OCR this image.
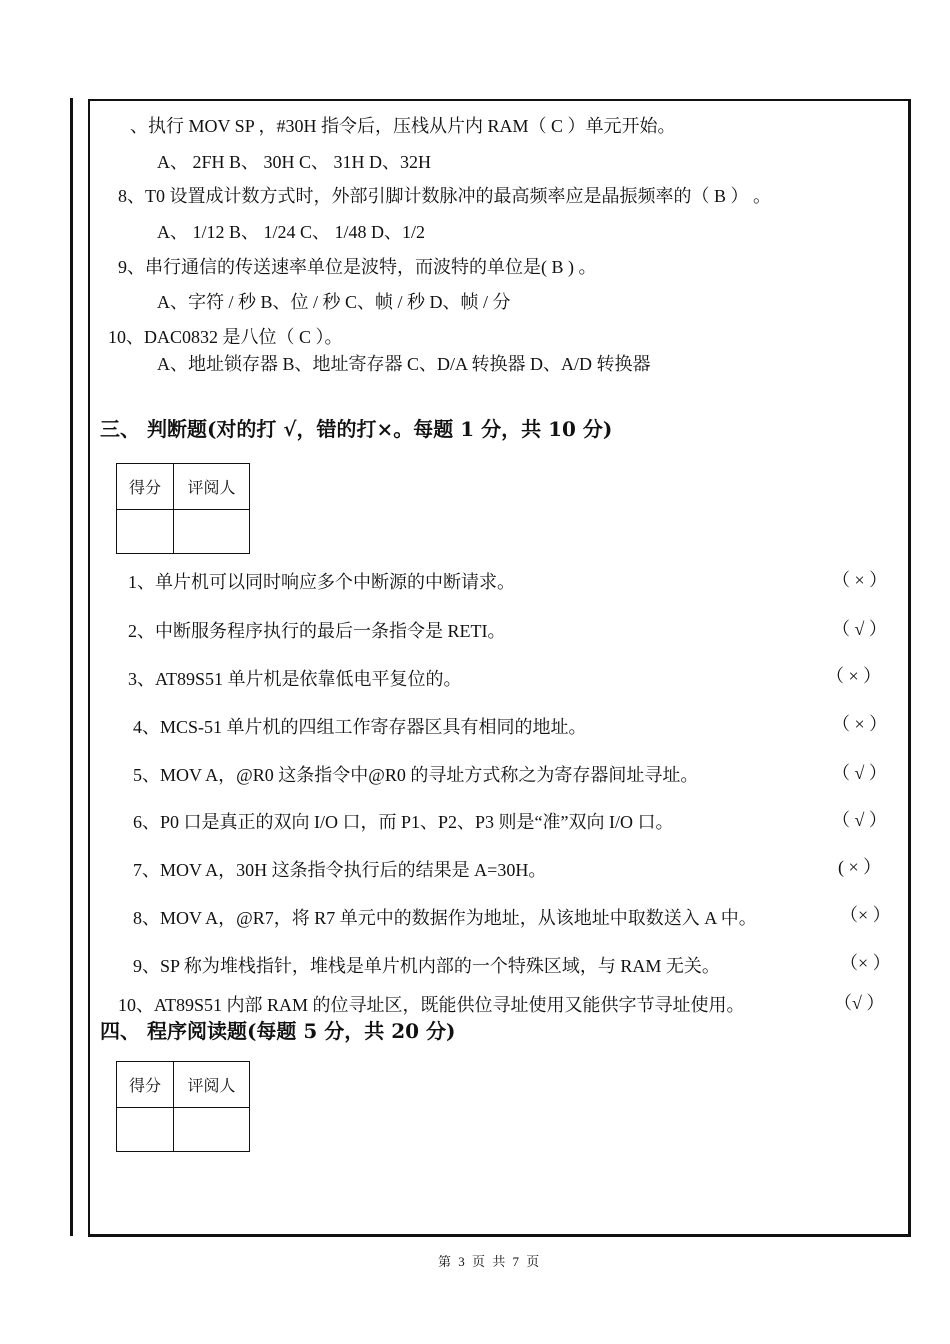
、执行 MOV SP ，#30H 指令后，压栈从片内 RAM（ C ）单元开始。
A、 2FH B、 30H C、 31H D、32H
8、T0 设置成计数方式时，外部引脚计数脉冲的最高频率应是晶振频率的（ B ） 。
A、 1/12 B、 1/24 C、 1/48 D、1/2
9、串行通信的传送速率单位是波特，而波特的单位是( B ) 。
A、字符 / 秒 B、位 / 秒 C、帧 / 秒 D、帧 / 分
10、DAC0832 是八位（ C ）。
A、地址锁存器 B、地址寄存器 C、D/A 转换器 D、A/D 转换器
三、 判断题(对的打 √，错的打×。每题 1 分，共 10 分)
得分	评阅人

1、单片机可以同时响应多个中断源的中断请求。	（ × ）
2、中断服务程序执行的最后一条指令是 RETI。	（ √ ）
3、AT89S51 单片机是依靠低电平复位的。	（ × ）
4、MCS-51 单片机的四组工作寄存器区具有相同的地址。	（ × ）
5、MOV A，@R0 这条指令中@R0 的寻址方式称之为寄存器间址寻址。	（ √ ）
6、P0 口是真正的双向 I/O 口，而 P1、P2、P3 则是“准”双向 I/O 口。	（ √ ）
7、MOV A，30H 这条指令执行后的结果是 A=30H。	( × ）
8、MOV A，@R7，将 R7 单元中的数据作为地址，从该地址中取数送入 A 中。	（× ）
9、SP 称为堆栈指针，堆栈是单片机内部的一个特殊区域，与 RAM 无关。	（× ）
10、AT89S51 内部 RAM 的位寻址区，既能供位寻址使用又能供字节寻址使用。	（√ ）
四、 程序阅读题(每题 5 分，共 20 分)
得分	评阅人

第 3 页 共 7 页
